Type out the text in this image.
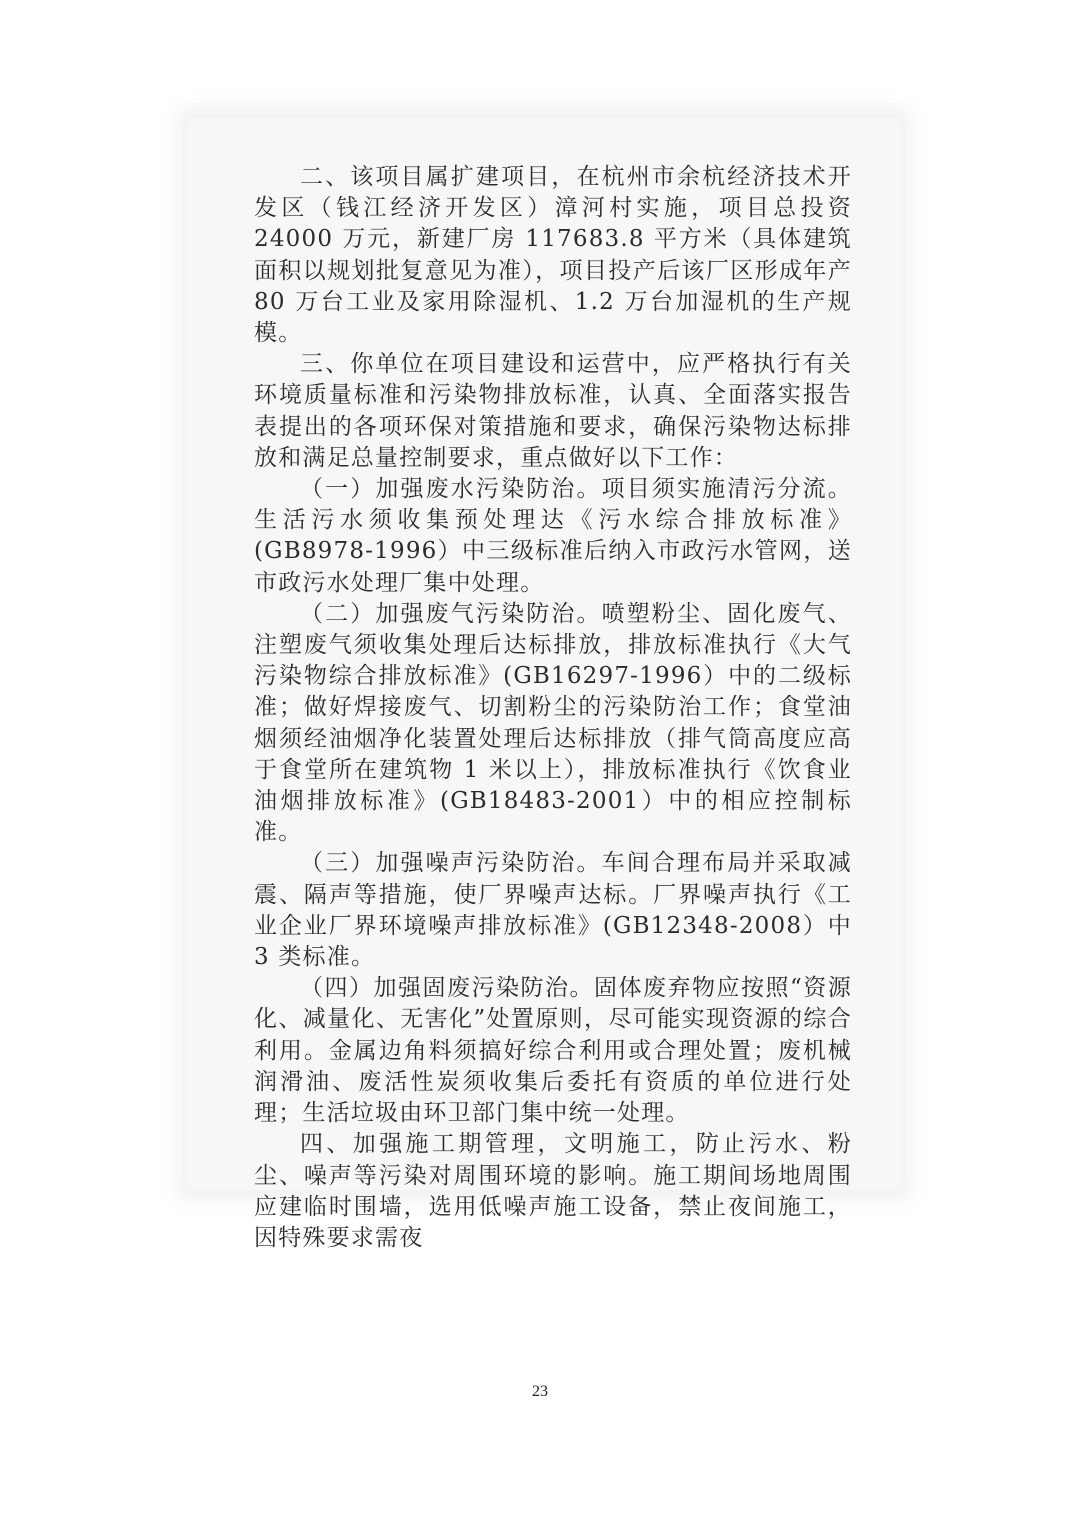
二、该项目属扩建项目，在杭州市余杭经济技术开发区（钱江经济开发区）漳河村实施，项目总投资 24000 万元，新建厂房 117683.8 平方米（具体建筑面积以规划批复意见为准），项目投产后该厂区形成年产 80 万台工业及家用除湿机、1.2 万台加湿机的生产规模。

三、你单位在项目建设和运营中，应严格执行有关环境质量标准和污染物排放标准，认真、全面落实报告表提出的各项环保对策措施和要求，确保污染物达标排放和满足总量控制要求，重点做好以下工作：

（一）加强废水污染防治。项目须实施清污分流。生活污水须收集预处理达《污水综合排放标准》(GB8978-1996）中三级标准后纳入市政污水管网，送市政污水处理厂集中处理。

（二）加强废气污染防治。喷塑粉尘、固化废气、注塑废气须收集处理后达标排放，排放标准执行《大气污染物综合排放标准》(GB16297-1996）中的二级标准；做好焊接废气、切割粉尘的污染防治工作；食堂油烟须经油烟净化装置处理后达标排放（排气筒高度应高于食堂所在建筑物 1 米以上），排放标准执行《饮食业油烟排放标准》(GB18483-2001）中的相应控制标准。

（三）加强噪声污染防治。车间合理布局并采取减震、隔声等措施，使厂界噪声达标。厂界噪声执行《工业企业厂界环境噪声排放标准》(GB12348-2008）中 3 类标准。

（四）加强固废污染防治。固体废弃物应按照“资源化、减量化、无害化”处置原则，尽可能实现资源的综合利用。金属边角料须搞好综合利用或合理处置；废机械润滑油、废活性炭须收集后委托有资质的单位进行处理；生活垃圾由环卫部门集中统一处理。

四、加强施工期管理，文明施工，防止污水、粉尘、噪声等污染对周围环境的影响。施工期间场地周围应建临时围墙，选用低噪声施工设备，禁止夜间施工，因特殊要求需夜

23
